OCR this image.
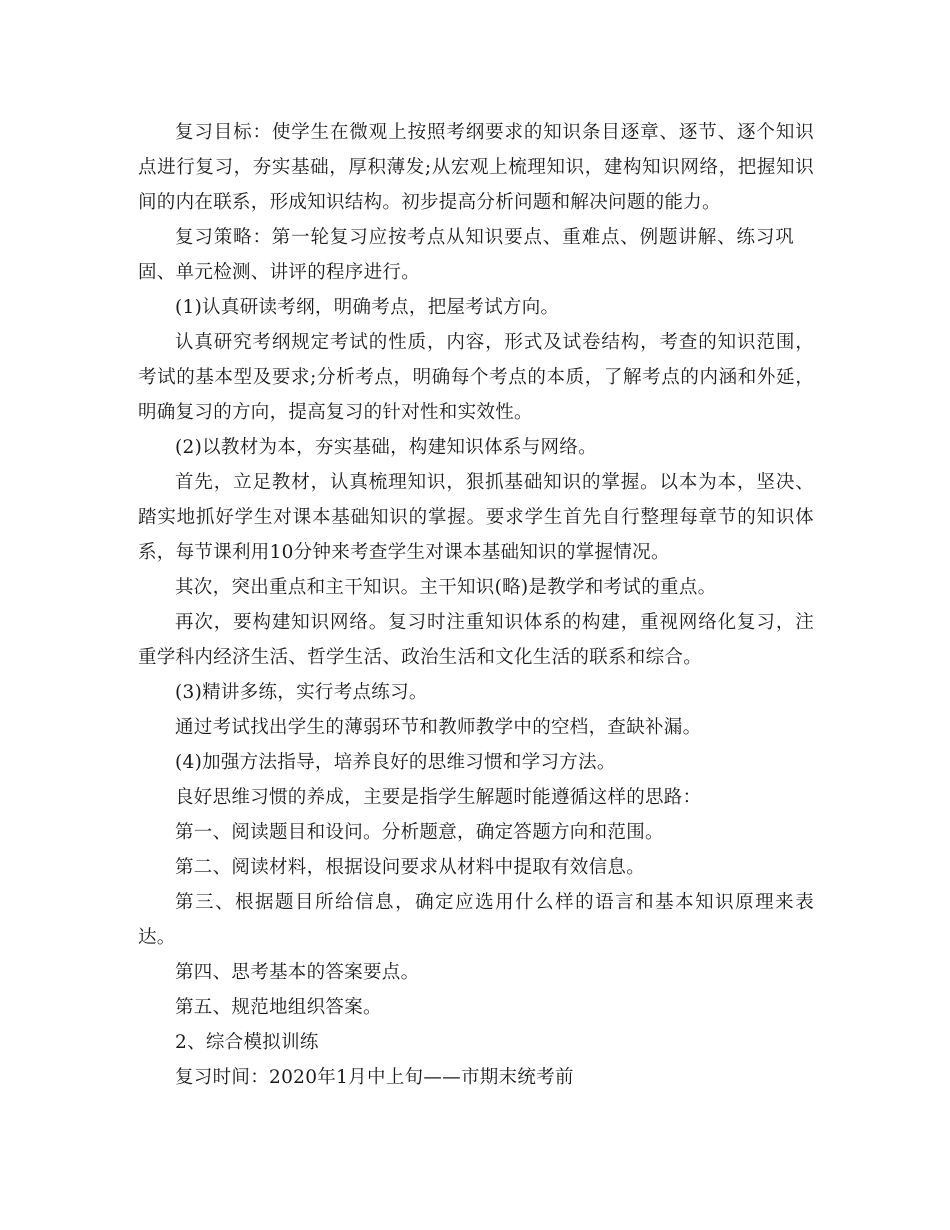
复习目标：使学生在微观上按照考纲要求的知识条目逐章、逐节、逐个知识点进行复习，夯实基础，厚积薄发;从宏观上梳理知识，建构知识网络，把握知识间的内在联系，形成知识结构。初步提高分析问题和解决问题的能力。

复习策略：第一轮复习应按考点从知识要点、重难点、例题讲解、练习巩固、单元检测、讲评的程序进行。

(1)认真研读考纲，明确考点，把屋考试方向。

认真研究考纲规定考试的性质，内容，形式及试卷结构，考查的知识范围，考试的基本型及要求;分析考点，明确每个考点的本质，了解考点的内涵和外延，明确复习的方向，提高复习的针对性和实效性。

(2)以教材为本，夯实基础，构建知识体系与网络。

首先，立足教材，认真梳理知识，狠抓基础知识的掌握。以本为本，坚决、踏实地抓好学生对课本基础知识的掌握。要求学生首先自行整理每章节的知识体系，每节课利用10分钟来考查学生对课本基础知识的掌握情况。

其次，突出重点和主干知识。主干知识(略)是教学和考试的重点。

再次，要构建知识网络。复习时注重知识体系的构建，重视网络化复习，注重学科内经济生活、哲学生活、政治生活和文化生活的联系和综合。

(3)精讲多练，实行考点练习。

通过考试找出学生的薄弱环节和教师教学中的空档，查缺补漏。

(4)加强方法指导，培养良好的思维习惯和学习方法。

良好思维习惯的养成，主要是指学生解题时能遵循这样的思路：

第一、阅读题目和设问。分析题意，确定答题方向和范围。

第二、阅读材料，根据设问要求从材料中提取有效信息。

第三、根据题目所给信息，确定应选用什么样的语言和基本知识原理来表达。

第四、思考基本的答案要点。

第五、规范地组织答案。

2、综合模拟训练

复习时间：2020年1月中上旬——市期末统考前
